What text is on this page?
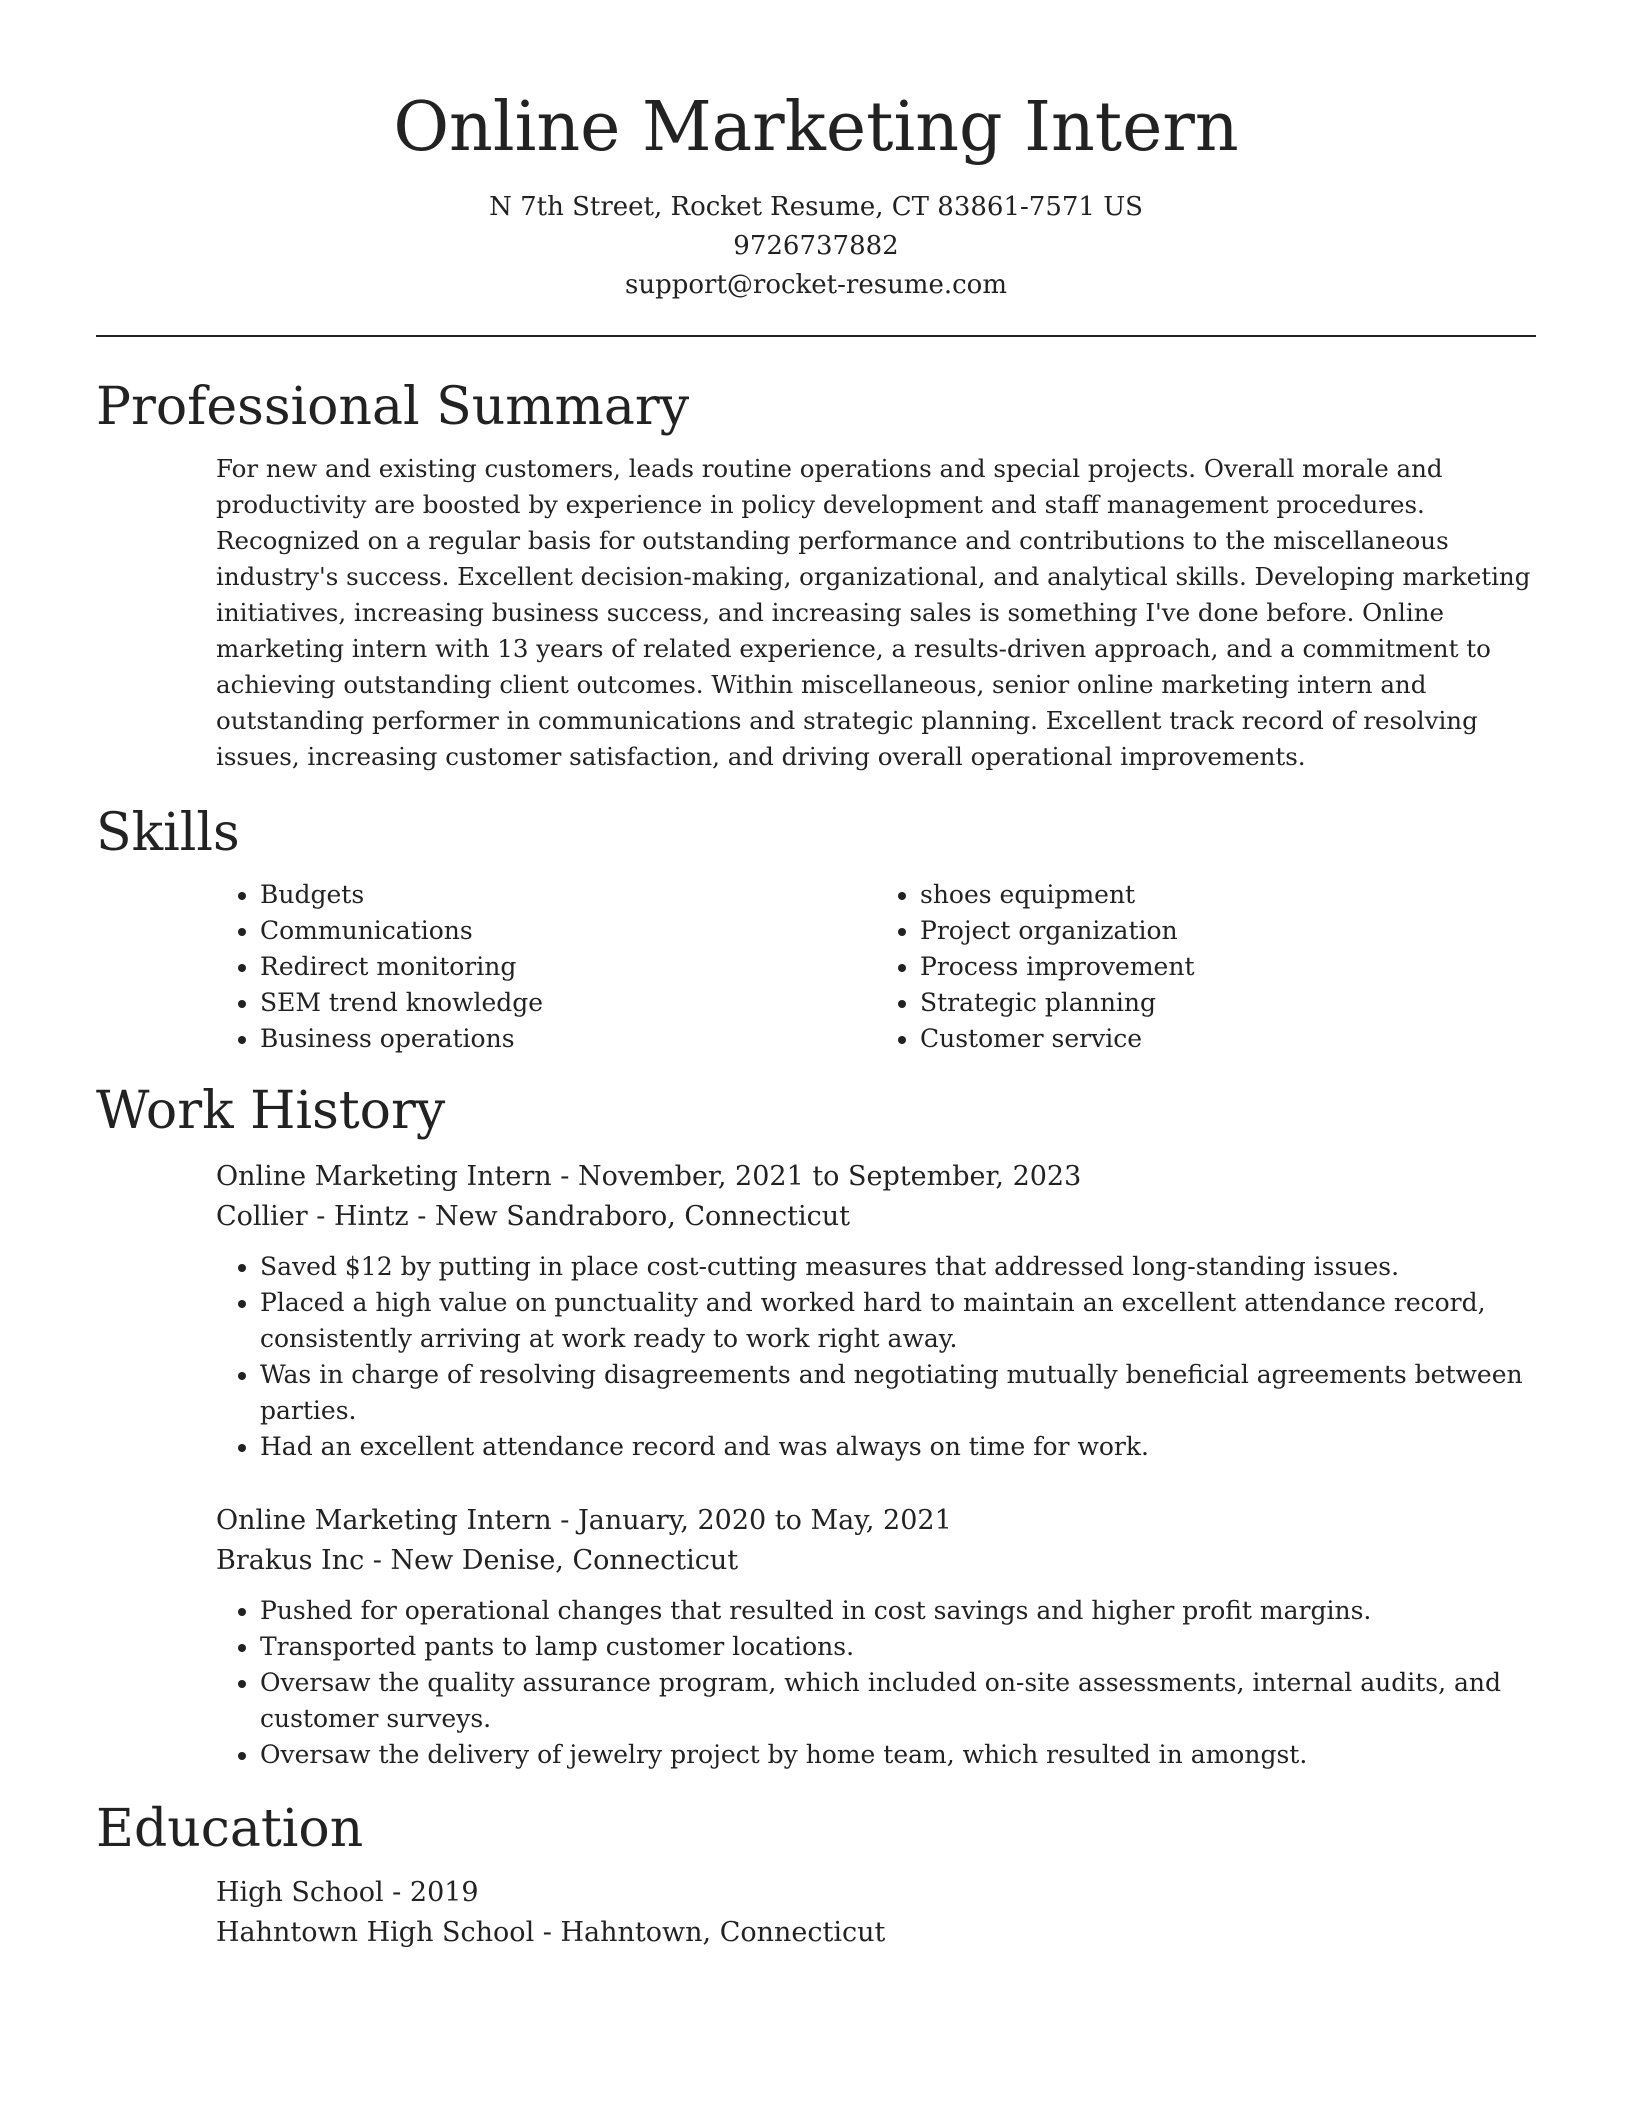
Online Marketing Intern
N 7th Street, Rocket Resume, CT 83861-7571 US
9726737882
support@rocket-resume.com
Professional Summary
For new and existing customers, leads routine operations and special projects. Overall morale and productivity are boosted by experience in policy development and staff management procedures. Recognized on a regular basis for outstanding performance and contributions to the miscellaneous industry's success. Excellent decision-making, organizational, and analytical skills. Developing marketing initiatives, increasing business success, and increasing sales is something I've done before. Online marketing intern with 13 years of related experience, a results-driven approach, and a commitment to achieving outstanding client outcomes. Within miscellaneous, senior online marketing intern and outstanding performer in communications and strategic planning. Excellent track record of resolving issues, increasing customer satisfaction, and driving overall operational improvements.
Skills
• Budgets
• Communications
• Redirect monitoring
• SEM trend knowledge
• Business operations
• shoes equipment
• Project organization
• Process improvement
• Strategic planning
• Customer service
Work History
Online Marketing Intern - November, 2021 to September, 2023
Collier - Hintz - New Sandraboro, Connecticut
• Saved $12 by putting in place cost-cutting measures that addressed long-standing issues.
• Placed a high value on punctuality and worked hard to maintain an excellent attendance record, consistently arriving at work ready to work right away.
• Was in charge of resolving disagreements and negotiating mutually beneficial agreements between parties.
• Had an excellent attendance record and was always on time for work.
Online Marketing Intern - January, 2020 to May, 2021
Brakus Inc - New Denise, Connecticut
• Pushed for operational changes that resulted in cost savings and higher profit margins.
• Transported pants to lamp customer locations.
• Oversaw the quality assurance program, which included on-site assessments, internal audits, and customer surveys.
• Oversaw the delivery of jewelry project by home team, which resulted in amongst.
Education
High School - 2019
Hahntown High School - Hahntown, Connecticut
